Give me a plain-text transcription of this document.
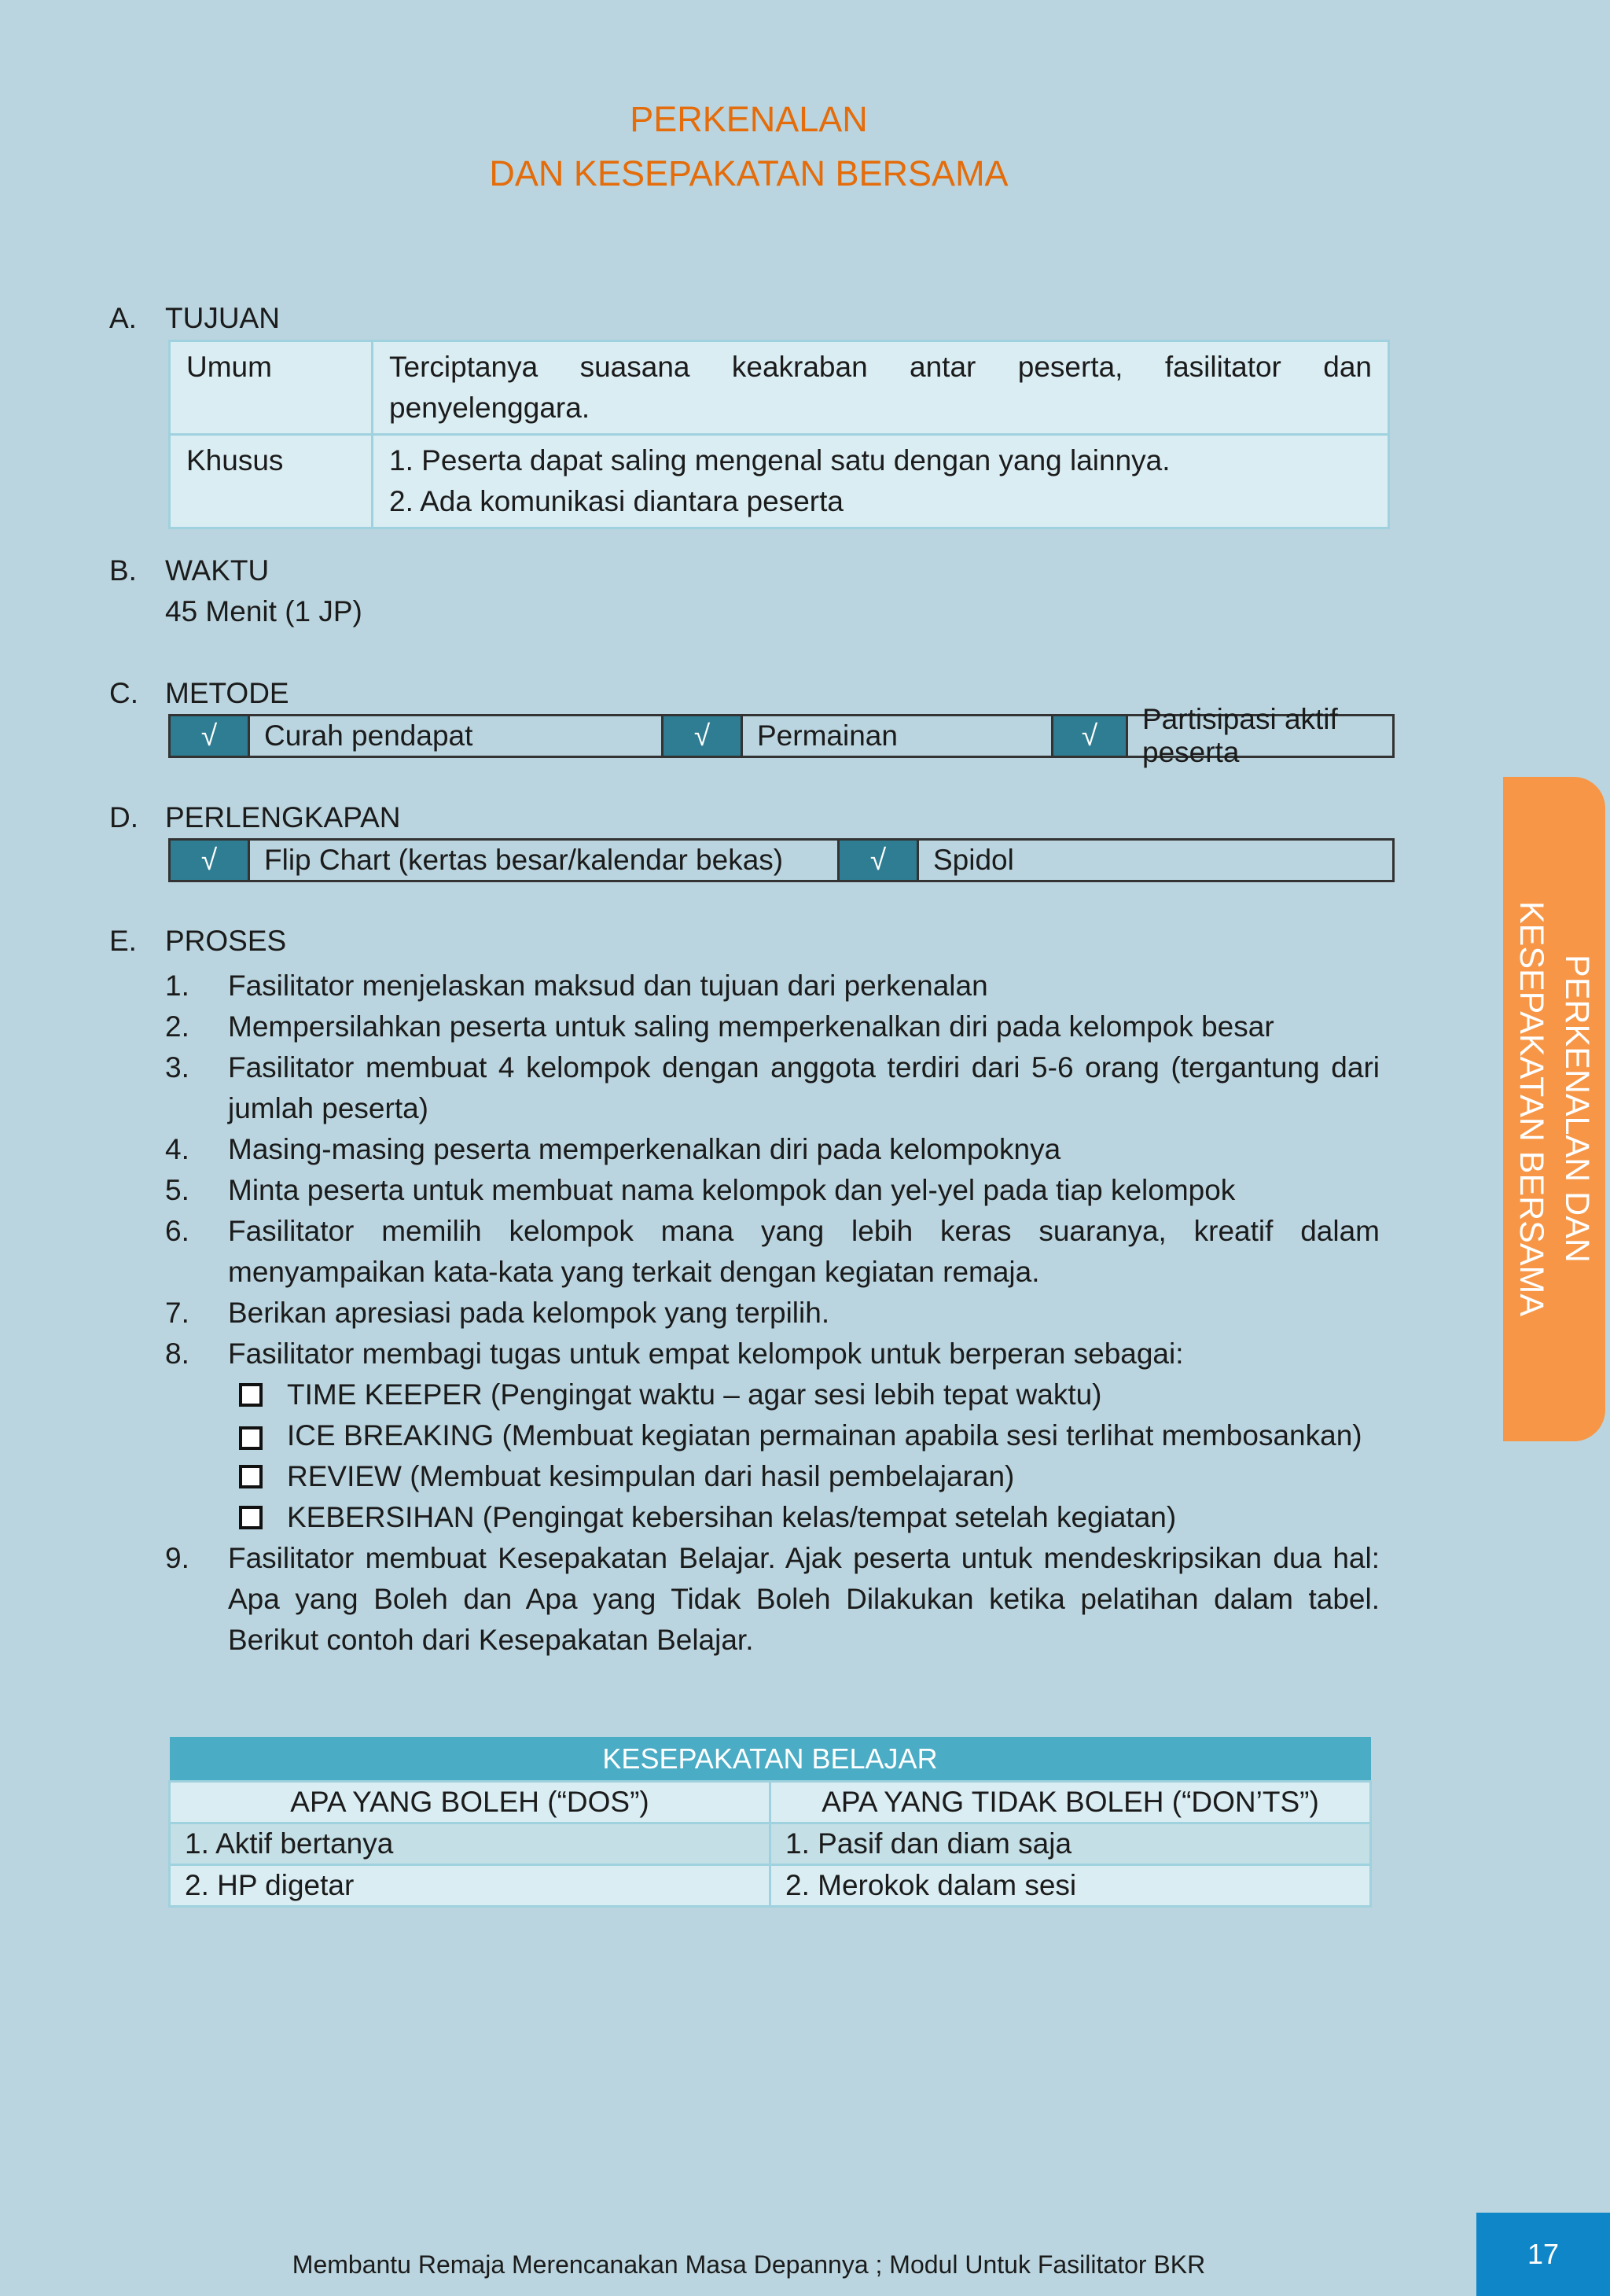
PERKENALAN
DAN KESEPAKATAN BERSAMA
A. TUJUAN
Umum	Terciptanya suasana keakraban antar peserta, fasilitator dan
penyelenggara.

Khusus	1. Peserta dapat saling mengenal satu dengan yang lainnya.
2. Ada komunikasi diantara peserta
B. WAKTU
45 Menit (1 JP)
C. METODE
√	Curah pendapat	√	Permainan	√
Partisipasi aktif peserta
D. PERLENGKAPAN
√	Flip Chart (kertas besar/kalendar bekas)	√	Spidol
E. PROSES
1.	Fasilitator menjelaskan maksud dan tujuan dari perkenalan
2.	Mempersilahkan peserta untuk saling memperkenalkan diri pada kelompok besar
3.	Fasilitator membuat 4 kelompok dengan anggota terdiri dari 5-6 orang (tergantung dari jumlah peserta)
4.	Masing-masing peserta memperkenalkan diri pada kelompoknya
5.	Minta peserta untuk membuat nama kelompok dan yel-yel pada tiap kelompok
6.	Fasilitator memilih kelompok mana yang lebih keras suaranya, kreatif dalam menyampaikan kata-kata yang terkait dengan kegiatan remaja.
7.	Berikan apresiasi pada kelompok yang terpilih.
8.	Fasilitator membagi tugas untuk empat kelompok untuk berperan sebagai:
TIME KEEPER (Pengingat waktu – agar sesi lebih tepat waktu)
ICE BREAKING (Membuat kegiatan permainan apabila sesi terlihat membosankan)
REVIEW (Membuat kesimpulan dari hasil pembelajaran)
KEBERSIHAN (Pengingat kebersihan kelas/tempat setelah kegiatan)
9.	Fasilitator membuat Kesepakatan Belajar. Ajak peserta untuk mendeskripsikan dua hal: Apa yang Boleh dan Apa yang Tidak Boleh Dilakukan ketika pelatihan dalam tabel. Berikut contoh dari Kesepakatan Belajar.
KESEPAKATAN BELAJAR	
APA YANG BOLEH (“DOS”)	APA YANG TIDAK BOLEH (“DON’TS”)
1. Aktif bertanya	1. Pasif dan diam saja
2. HP digetar	2. Merokok dalam sesi
PERKENALAN DAN
KESEPAKATAN BERSAMA
Membantu Remaja Merencanakan Masa Depannya ; Modul Untuk Fasilitator BKR	17
